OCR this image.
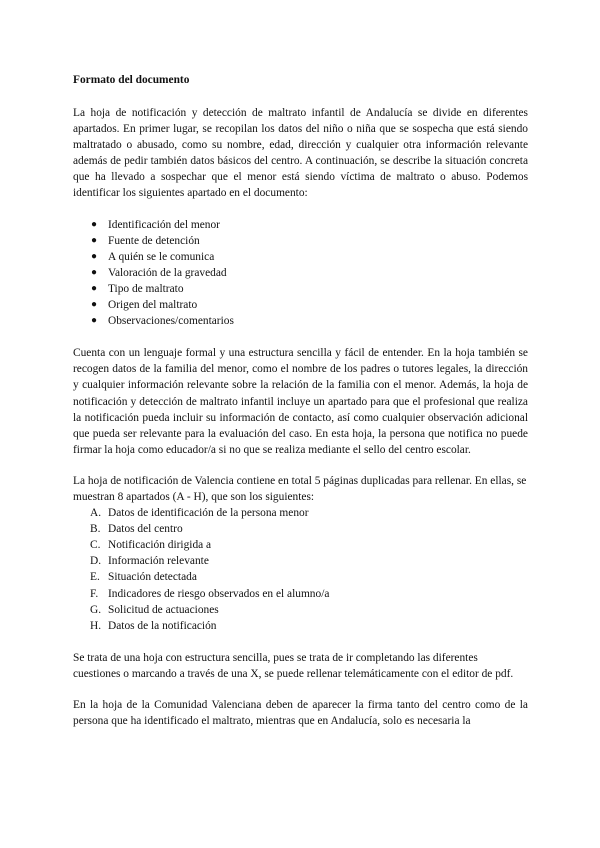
Formato del documento

La hoja de notificación y detección de maltrato infantil de Andalucía se divide en diferentes apartados. En primer lugar, se recopilan los datos del niño o niña que se sospecha que está siendo maltratado o abusado, como su nombre, edad, dirección y cualquier otra información relevante además de pedir también datos básicos del centro. A continuación, se describe la situación concreta que ha llevado a sospechar que el menor está siendo víctima de maltrato o abuso. Podemos identificar los siguientes apartado en el documento:

● Identificación del menor
● Fuente de detención
● A quién se le comunica
● Valoración de la gravedad
● Tipo de maltrato
● Origen del maltrato
● Observaciones/comentarios

Cuenta con un lenguaje formal y una estructura sencilla y fácil de entender. En la hoja también se recogen datos de la familia del menor, como el nombre de los padres o tutores legales, la dirección y cualquier información relevante sobre la relación de la familia con el menor. Además, la hoja de notificación y detección de maltrato infantil incluye un apartado para que el profesional que realiza la notificación pueda incluir su información de contacto, así como cualquier observación adicional que pueda ser relevante para la evaluación del caso. En esta hoja, la persona que notifica no puede firmar la hoja como educador/a si no que se realiza mediante el sello del centro escolar.

La hoja de notificación de Valencia contiene en total 5 páginas duplicadas para rellenar. En ellas, se muestran 8 apartados (A - H), que son los siguientes:

A. Datos de identificación de la persona menor
B. Datos del centro
C. Notificación dirigida a
D. Información relevante
E. Situación detectada
F. Indicadores de riesgo observados en el alumno/a
G. Solicitud de actuaciones
H. Datos de la notificación

Se trata de una hoja con estructura sencilla, pues se trata de ir completando las diferentes cuestiones o marcando a través de una X, se puede rellenar telemáticamente con el editor de pdf.

En la hoja de la Comunidad Valenciana deben de aparecer la firma tanto del centro como de la persona que ha identificado el maltrato, mientras que en Andalucía, solo es necesaria la
